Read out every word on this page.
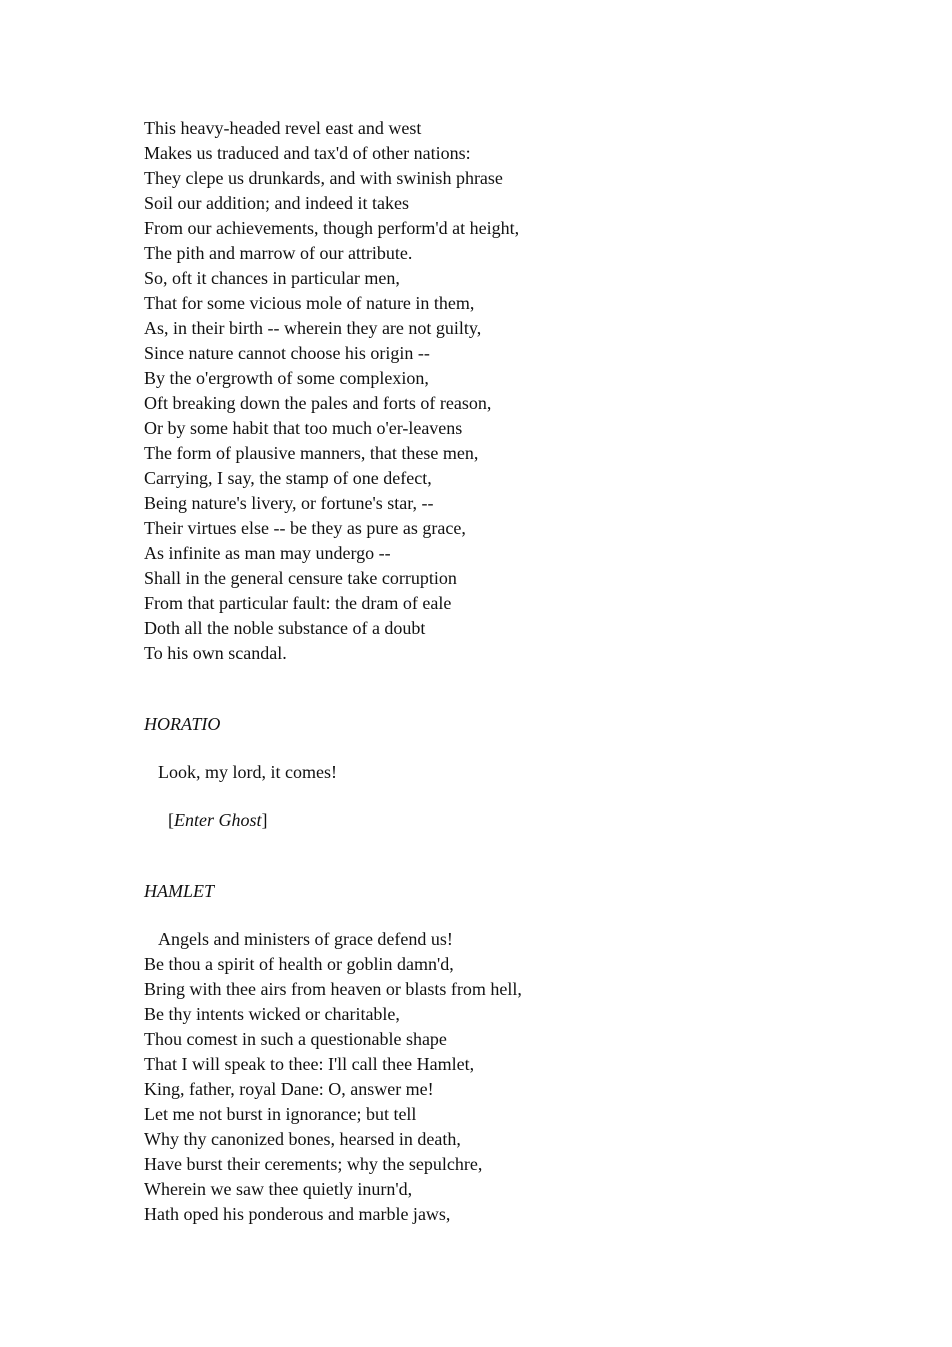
This heavy-headed revel east and west
Makes us traduced and tax'd of other nations:
They clepe us drunkards, and with swinish phrase
Soil our addition; and indeed it takes
From our achievements, though perform'd at height,
The pith and marrow of our attribute.
So, oft it chances in particular men,
That for some vicious mole of nature in them,
As, in their birth -- wherein they are not guilty,
Since nature cannot choose his origin --
By the o'ergrowth of some complexion,
Oft breaking down the pales and forts of reason,
Or by some habit that too much o'er-leavens
The form of plausive manners, that these men,
Carrying, I say, the stamp of one defect,
Being nature's livery, or fortune's star, --
Their virtues else -- be they as pure as grace,
As infinite as man may undergo --
Shall in the general censure take corruption
From that particular fault: the dram of eale
Doth all the noble substance of a doubt
To his own scandal.
HORATIO
Look, my lord, it comes!
[Enter Ghost]
HAMLET
Angels and ministers of grace defend us!
Be thou a spirit of health or goblin damn'd,
Bring with thee airs from heaven or blasts from hell,
Be thy intents wicked or charitable,
Thou comest in such a questionable shape
That I will speak to thee: I'll call thee Hamlet,
King, father, royal Dane: O, answer me!
Let me not burst in ignorance; but tell
Why thy canonized bones, hearsed in death,
Have burst their cerements; why the sepulchre,
Wherein we saw thee quietly inurn'd,
Hath oped his ponderous and marble jaws,
